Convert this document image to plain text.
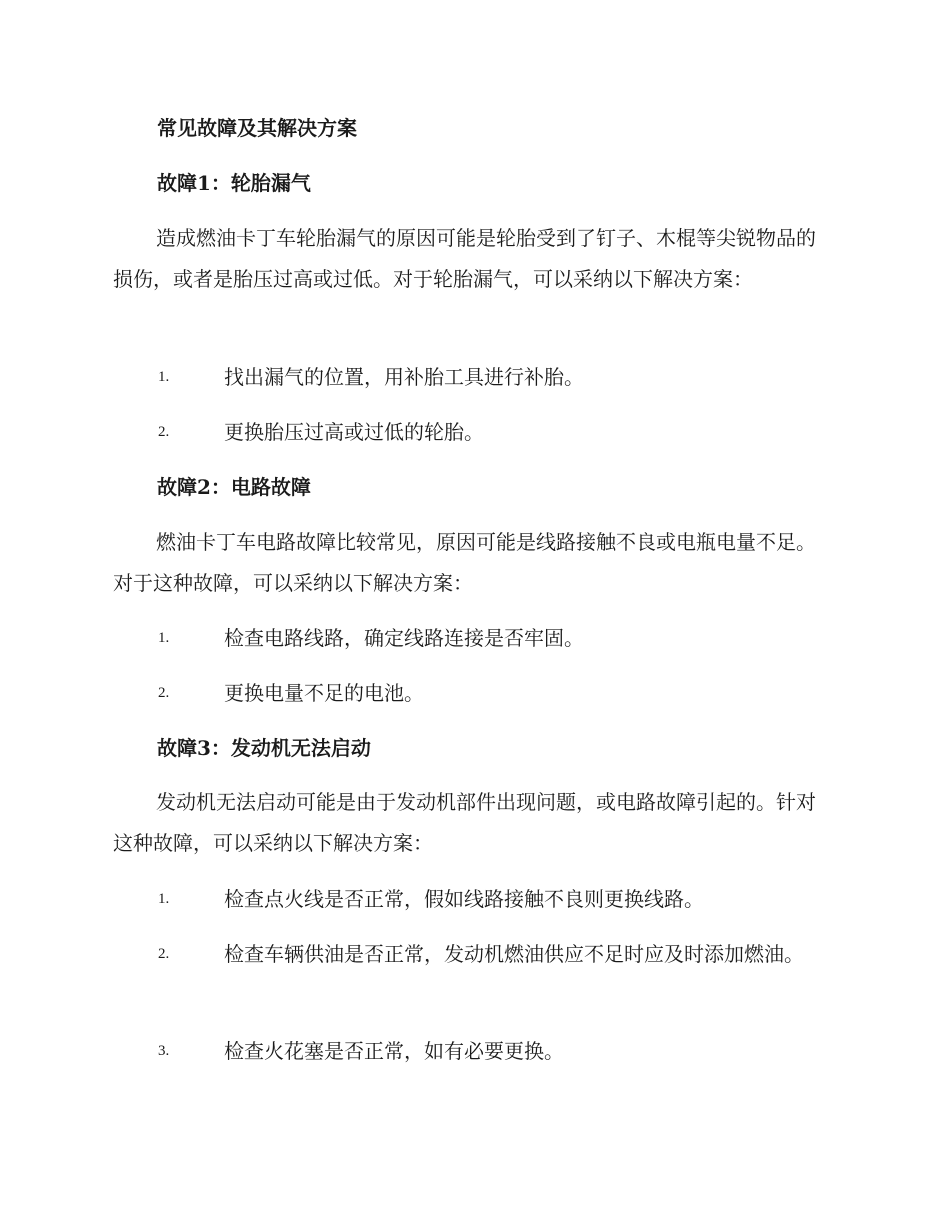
常见故障及其解决方案
故障1：轮胎漏气

造成燃油卡丁车轮胎漏气的原因可能是轮胎受到了钉子、木棍等尖锐物品的损伤，或者是胎压过高或过低。对于轮胎漏气，可以采纳以下解决方案：

1.	找出漏气的位置，用补胎工具进行补胎。
2.	更换胎压过高或过低的轮胎。
故障2：电路故障

燃油卡丁车电路故障比较常见，原因可能是线路接触不良或电瓶电量不足。对于这种故障，可以采纳以下解决方案：

1.	检查电路线路，确定线路连接是否牢固。
2.	更换电量不足的电池。
故障3：发动机无法启动

发动机无法启动可能是由于发动机部件出现问题，或电路故障引起的。针对这种故障，可以采纳以下解决方案：

1.	检查点火线是否正常，假如线路接触不良则更换线路。
2.	检查车辆供油是否正常，发动机燃油供应不足时应及时添加燃油。
3.	检查火花塞是否正常，如有必要更换。
